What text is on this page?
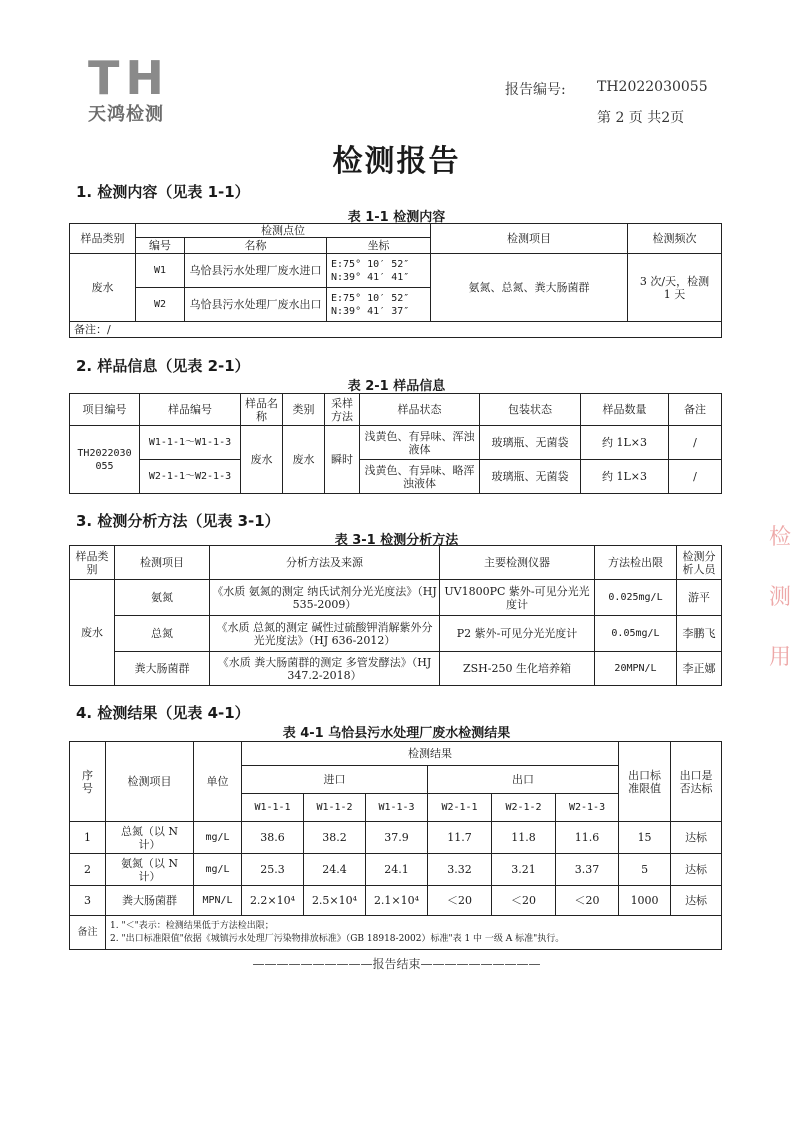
TH
天鸿检测
报告编号: TH2022030055
第 2 页 共2页
检测报告
1. 检测内容（见表 1-1）
表 1-1 检测内容
样品类别	检测点位			检测项目	检测频次
	编号	名称	坐标		
废水	W1	乌恰县污水处理厂废水进口	E:75° 10′ 52″
N:39° 41′ 41″	氨氮、总氮、粪大肠菌群	3 次/天，检测 1 天
	W2	乌恰县污水处理厂废水出口	E:75° 10′ 52″
N:39° 41′ 37″		

备注：/					
2. 样品信息（见表 2-1）
表 2-1 样品信息
项目编号	样品编号	样品名称	类别	采样方法	样品状态	包装状态	样品数量	备注
TH2022030055	W1-1-1～W1-1-3	废水	废水	瞬时	浅黄色、有异味、浑浊液体	玻璃瓶、无菌袋	约 1L×3	/
	W2-1-1～W2-1-3				浅黄色、有异味、略浑浊液体	玻璃瓶、无菌袋	约 1L×3	/
3. 检测分析方法（见表 3-1）
表 3-1 检测分析方法
样品类别	检测项目	分析方法及来源	主要检测仪器	方法检出限	检测分析人员
废水	氨氮	《水质 氨氮的测定 纳氏试剂分光光度法》（HJ 535-2009）	UV1800PC 紫外-可见分光光度计	0.025mg/L	游平
	总氮	《水质 总氮的测定 碱性过硫酸钾消解紫外分光光度法》（HJ 636-2012）	P2 紫外-可见分光光度计	0.05mg/L	李鹏飞
	粪大肠菌群	《水质 粪大肠菌群的测定 多管发酵法》（HJ 347.2-2018）	ZSH-250 生化培养箱	20MPN/L	李正娜
4. 检测结果（见表 4-1）
表 4-1 乌恰县污水处理厂废水检测结果
序号	检测项目	单位	检测结果						出口标准限值	出口是否达标
			进口			出口				
			W1-1-1	W1-1-2	W1-1-3	W2-1-1	W2-1-2	W2-1-3		
1	总氮（以 N 计）	mg/L	38.6	38.2	37.9	11.7	11.8	11.6	15	达标
2	氨氮（以 N 计）	mg/L	25.3	24.4	24.1	3.32	3.21	3.37	5	达标
3	粪大肠菌群	MPN/L	2.2×10⁴	2.5×10⁴	2.1×10⁴	＜20	＜20	＜20	1000	达标
备注	1. "＜"表示：检测结果低于方法检出限；
2. "出口标准限值"依据《城镇污水处理厂污染物排放标准》（GB 18918-2002）标准"表 1 中 一级 A 标准"执行。									
——————————报告结束——————————
检
测
用
